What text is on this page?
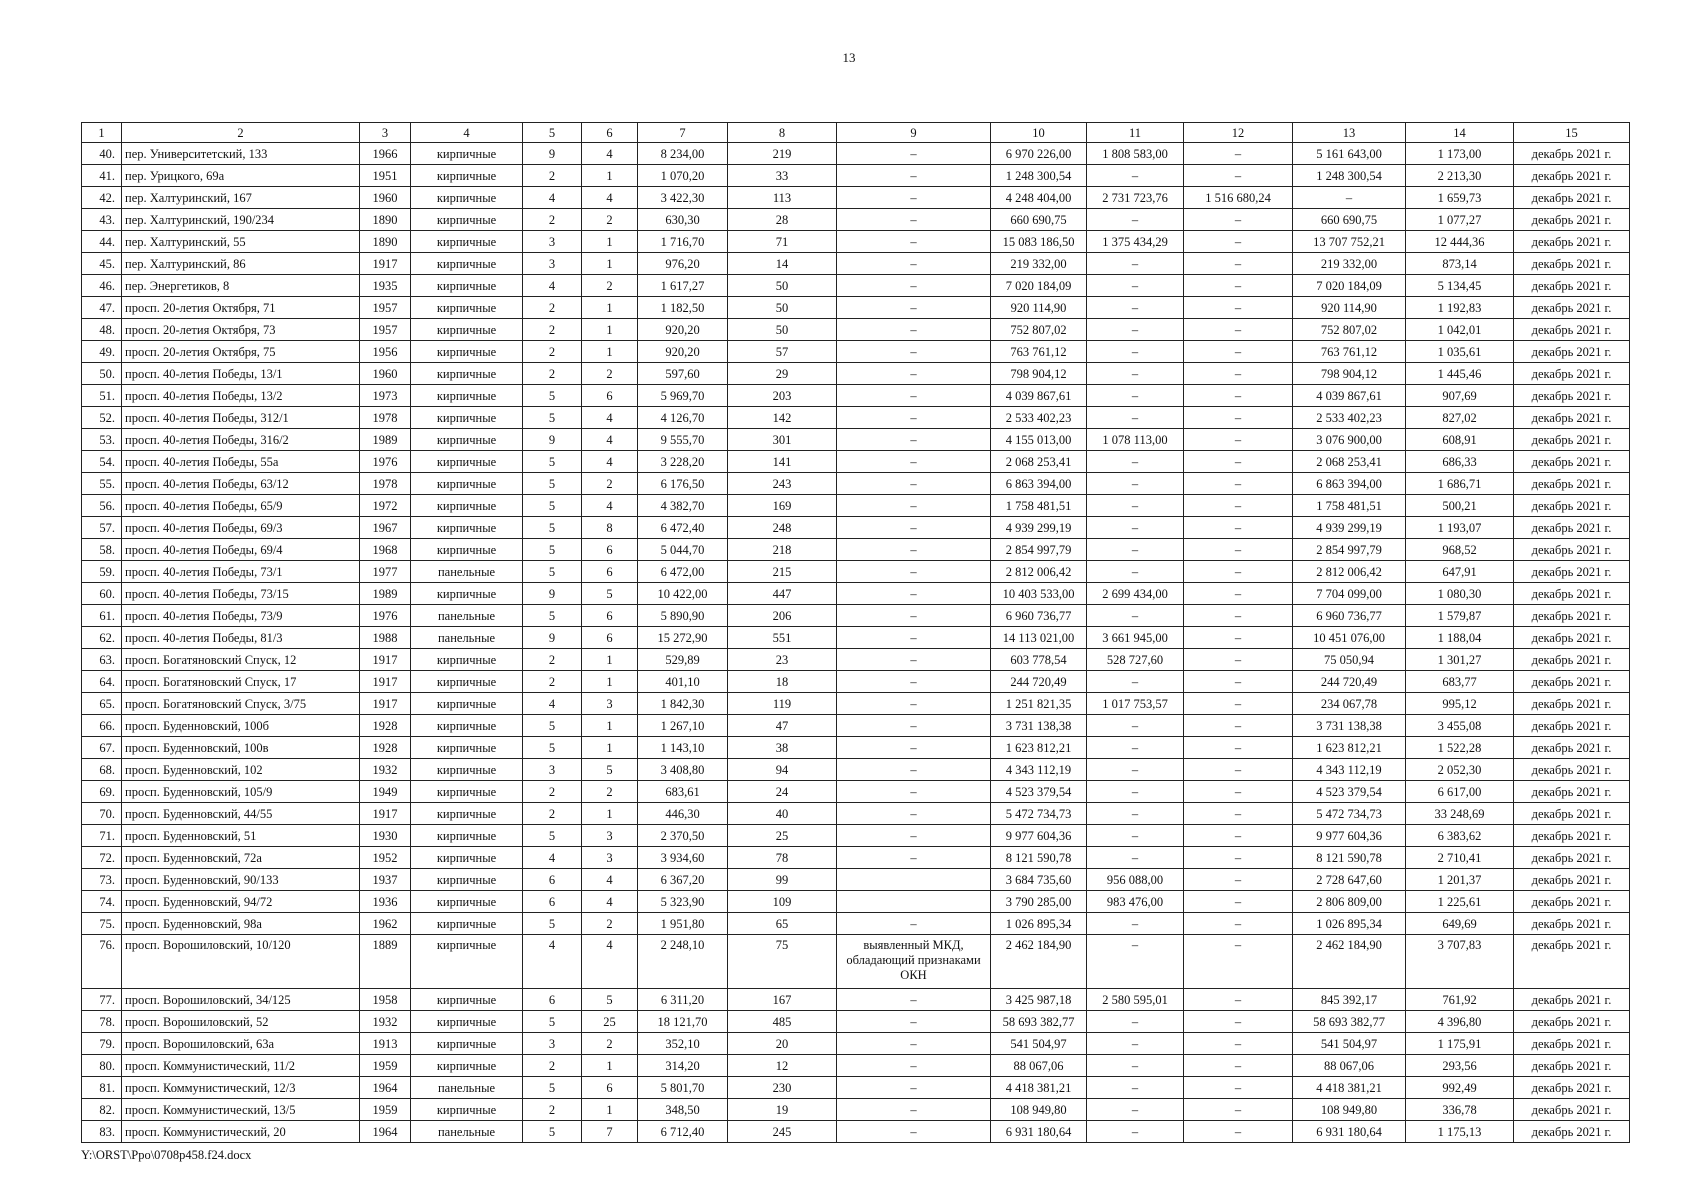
13
1	2	3	4	5	6	7	8	9	10	11	12	13	14	15
40.	пер. Университетский, 133	1966	кирпичные	9	4	8 234,00	219	–	6 970 226,00	1 808 583,00	–	5 161 643,00	1 173,00	декабрь 2021 г.
41.	пер. Урицкого, 69а	1951	кирпичные	2	1	1 070,20	33	–	1 248 300,54	–	–	1 248 300,54	2 213,30	декабрь 2021 г.
42.	пер. Халтуринский, 167	1960	кирпичные	4	4	3 422,30	113	–	4 248 404,00	2 731 723,76	1 516 680,24	–	1 659,73	декабрь 2021 г.
43.	пер. Халтуринский, 190/234	1890	кирпичные	2	2	630,30	28	–	660 690,75	–	–	660 690,75	1 077,27	декабрь 2021 г.
44.	пер. Халтуринский, 55	1890	кирпичные	3	1	1 716,70	71	–	15 083 186,50	1 375 434,29	–	13 707 752,21	12 444,36	декабрь 2021 г.
45.	пер. Халтуринский, 86	1917	кирпичные	3	1	976,20	14	–	219 332,00	–	–	219 332,00	873,14	декабрь 2021 г.
46.	пер. Энергетиков, 8	1935	кирпичные	4	2	1 617,27	50	–	7 020 184,09	–	–	7 020 184,09	5 134,45	декабрь 2021 г.
47.	просп. 20-летия Октября, 71	1957	кирпичные	2	1	1 182,50	50	–	920 114,90	–	–	920 114,90	1 192,83	декабрь 2021 г.
48.	просп. 20-летия Октября, 73	1957	кирпичные	2	1	920,20	50	–	752 807,02	–	–	752 807,02	1 042,01	декабрь 2021 г.
49.	просп. 20-летия Октября, 75	1956	кирпичные	2	1	920,20	57	–	763 761,12	–	–	763 761,12	1 035,61	декабрь 2021 г.
50.	просп. 40-летия Победы, 13/1	1960	кирпичные	2	2	597,60	29	–	798 904,12	–	–	798 904,12	1 445,46	декабрь 2021 г.
51.	просп. 40-летия Победы, 13/2	1973	кирпичные	5	6	5 969,70	203	–	4 039 867,61	–	–	4 039 867,61	907,69	декабрь 2021 г.
52.	просп. 40-летия Победы, 312/1	1978	кирпичные	5	4	4 126,70	142	–	2 533 402,23	–	–	2 533 402,23	827,02	декабрь 2021 г.
53.	просп. 40-летия Победы, 316/2	1989	кирпичные	9	4	9 555,70	301	–	4 155 013,00	1 078 113,00	–	3 076 900,00	608,91	декабрь 2021 г.
54.	просп. 40-летия Победы, 55а	1976	кирпичные	5	4	3 228,20	141	–	2 068 253,41	–	–	2 068 253,41	686,33	декабрь 2021 г.
55.	просп. 40-летия Победы, 63/12	1978	кирпичные	5	2	6 176,50	243	–	6 863 394,00	–	–	6 863 394,00	1 686,71	декабрь 2021 г.
56.	просп. 40-летия Победы, 65/9	1972	кирпичные	5	4	4 382,70	169	–	1 758 481,51	–	–	1 758 481,51	500,21	декабрь 2021 г.
57.	просп. 40-летия Победы, 69/3	1967	кирпичные	5	8	6 472,40	248	–	4 939 299,19	–	–	4 939 299,19	1 193,07	декабрь 2021 г.
58.	просп. 40-летия Победы, 69/4	1968	кирпичные	5	6	5 044,70	218	–	2 854 997,79	–	–	2 854 997,79	968,52	декабрь 2021 г.
59.	просп. 40-летия Победы, 73/1	1977	панельные	5	6	6 472,00	215	–	2 812 006,42	–	–	2 812 006,42	647,91	декабрь 2021 г.
60.	просп. 40-летия Победы, 73/15	1989	кирпичные	9	5	10 422,00	447	–	10 403 533,00	2 699 434,00	–	7 704 099,00	1 080,30	декабрь 2021 г.
61.	просп. 40-летия Победы, 73/9	1976	панельные	5	6	5 890,90	206	–	6 960 736,77	–	–	6 960 736,77	1 579,87	декабрь 2021 г.
62.	просп. 40-летия Победы, 81/3	1988	панельные	9	6	15 272,90	551	–	14 113 021,00	3 661 945,00	–	10 451 076,00	1 188,04	декабрь 2021 г.
63.	просп. Богатяновский Спуск, 12	1917	кирпичные	2	1	529,89	23	–	603 778,54	528 727,60	–	75 050,94	1 301,27	декабрь 2021 г.
64.	просп. Богатяновский Спуск, 17	1917	кирпичные	2	1	401,10	18	–	244 720,49	–	–	244 720,49	683,77	декабрь 2021 г.
65.	просп. Богатяновский Спуск, 3/75	1917	кирпичные	4	3	1 842,30	119	–	1 251 821,35	1 017 753,57	–	234 067,78	995,12	декабрь 2021 г.
66.	просп. Буденновский, 100б	1928	кирпичные	5	1	1 267,10	47	–	3 731 138,38	–	–	3 731 138,38	3 455,08	декабрь 2021 г.
67.	просп. Буденновский, 100в	1928	кирпичные	5	1	1 143,10	38	–	1 623 812,21	–	–	1 623 812,21	1 522,28	декабрь 2021 г.
68.	просп. Буденновский, 102	1932	кирпичные	3	5	3 408,80	94	–	4 343 112,19	–	–	4 343 112,19	2 052,30	декабрь 2021 г.
69.	просп. Буденновский, 105/9	1949	кирпичные	2	2	683,61	24	–	4 523 379,54	–	–	4 523 379,54	6 617,00	декабрь 2021 г.
70.	просп. Буденновский, 44/55	1917	кирпичные	2	1	446,30	40	–	5 472 734,73	–	–	5 472 734,73	33 248,69	декабрь 2021 г.
71.	просп. Буденновский, 51	1930	кирпичные	5	3	2 370,50	25	–	9 977 604,36	–	–	9 977 604,36	6 383,62	декабрь 2021 г.
72.	просп. Буденновский, 72а	1952	кирпичные	4	3	3 934,60	78	–	8 121 590,78	–	–	8 121 590,78	2 710,41	декабрь 2021 г.
73.	просп. Буденновский, 90/133	1937	кирпичные	6	4	6 367,20	99		3 684 735,60	956 088,00	–	2 728 647,60	1 201,37	декабрь 2021 г.
74.	просп. Буденновский, 94/72	1936	кирпичные	6	4	5 323,90	109		3 790 285,00	983 476,00	–	2 806 809,00	1 225,61	декабрь 2021 г.
75.	просп. Буденновский, 98а	1962	кирпичные	5	2	1 951,80	65	–	1 026 895,34	–	–	1 026 895,34	649,69	декабрь 2021 г.
76.	просп. Ворошиловский, 10/120	1889	кирпичные	4	4	2 248,10	75	выявленный МКД, обладающий признаками ОКН	2 462 184,90	–	–	2 462 184,90	3 707,83	декабрь 2021 г.
77.	просп. Ворошиловский, 34/125	1958	кирпичные	6	5	6 311,20	167	–	3 425 987,18	2 580 595,01	–	845 392,17	761,92	декабрь 2021 г.
78.	просп. Ворошиловский, 52	1932	кирпичные	5	25	18 121,70	485	–	58 693 382,77	–	–	58 693 382,77	4 396,80	декабрь 2021 г.
79.	просп. Ворошиловский, 63а	1913	кирпичные	3	2	352,10	20	–	541 504,97	–	–	541 504,97	1 175,91	декабрь 2021 г.
80.	просп. Коммунистический, 11/2	1959	кирпичные	2	1	314,20	12	–	88 067,06	–	–	88 067,06	293,56	декабрь 2021 г.
81.	просп. Коммунистический, 12/3	1964	панельные	5	6	5 801,70	230	–	4 418 381,21	–	–	4 418 381,21	992,49	декабрь 2021 г.
82.	просп. Коммунистический, 13/5	1959	кирпичные	2	1	348,50	19	–	108 949,80	–	–	108 949,80	336,78	декабрь 2021 г.
83.	просп. Коммунистический, 20	1964	панельные	5	7	6 712,40	245	–	6 931 180,64	–	–	6 931 180,64	1 175,13	декабрь 2021 г.
Y:\ORST\Ppo\0708p458.f24.docx
